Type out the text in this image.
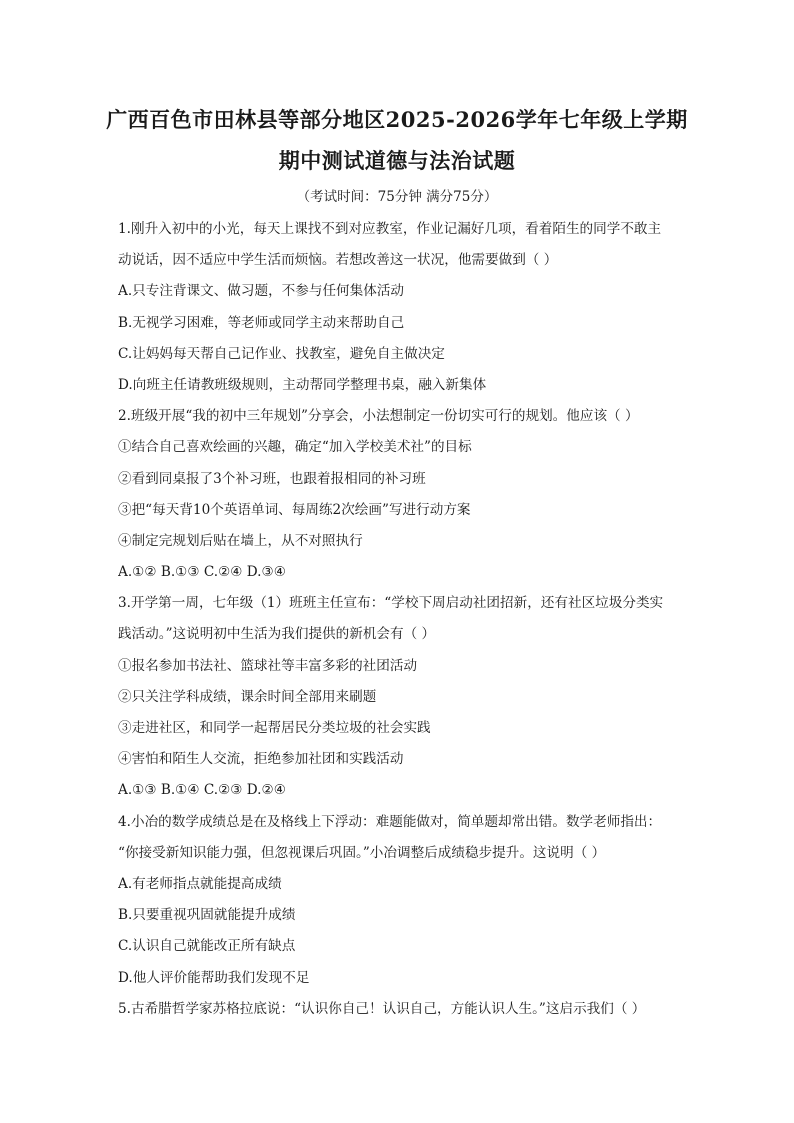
广西百色市田林县等部分地区2025-2026学年七年级上学期
期中测试道德与法治试题
（考试时间：75分钟 满分75分）
1.刚升入初中的小光，每天上课找不到对应教室，作业记漏好几项，看着陌生的同学不敢主
动说话，因不适应中学生活而烦恼。若想改善这一状况，他需要做到（ ）
A.只专注背课文、做习题，不参与任何集体活动
B.无视学习困难，等老师或同学主动来帮助自己
C.让妈妈每天帮自己记作业、找教室，避免自主做决定
D.向班主任请教班级规则，主动帮同学整理书桌，融入新集体
2.班级开展“我的初中三年规划”分享会，小法想制定一份切实可行的规划。他应该（ ）
①结合自己喜欢绘画的兴趣，确定“加入学校美术社”的目标
②看到同桌报了3个补习班，也跟着报相同的补习班
③把“每天背10个英语单词、每周练2次绘画”写进行动方案
④制定完规划后贴在墙上，从不对照执行
A.①② B.①③ C.②④ D.③④
3.开学第一周，七年级（1）班班主任宣布：“学校下周启动社团招新，还有社区垃圾分类实
践活动。”这说明初中生活为我们提供的新机会有（ ）
①报名参加书法社、篮球社等丰富多彩的社团活动
②只关注学科成绩，课余时间全部用来刷题
③走进社区，和同学一起帮居民分类垃圾的社会实践
④害怕和陌生人交流，拒绝参加社团和实践活动
A.①③ B.①④ C.②③ D.②④
4.小冶的数学成绩总是在及格线上下浮动：难题能做对，简单题却常出错。数学老师指出：
“你接受新知识能力强，但忽视课后巩固。”小冶调整后成绩稳步提升。这说明（ ）
A.有老师指点就能提高成绩
B.只要重视巩固就能提升成绩
C.认识自己就能改正所有缺点
D.他人评价能帮助我们发现不足
5.古希腊哲学家苏格拉底说：“认识你自己！认识自己，方能认识人生。”这启示我们（ ）
